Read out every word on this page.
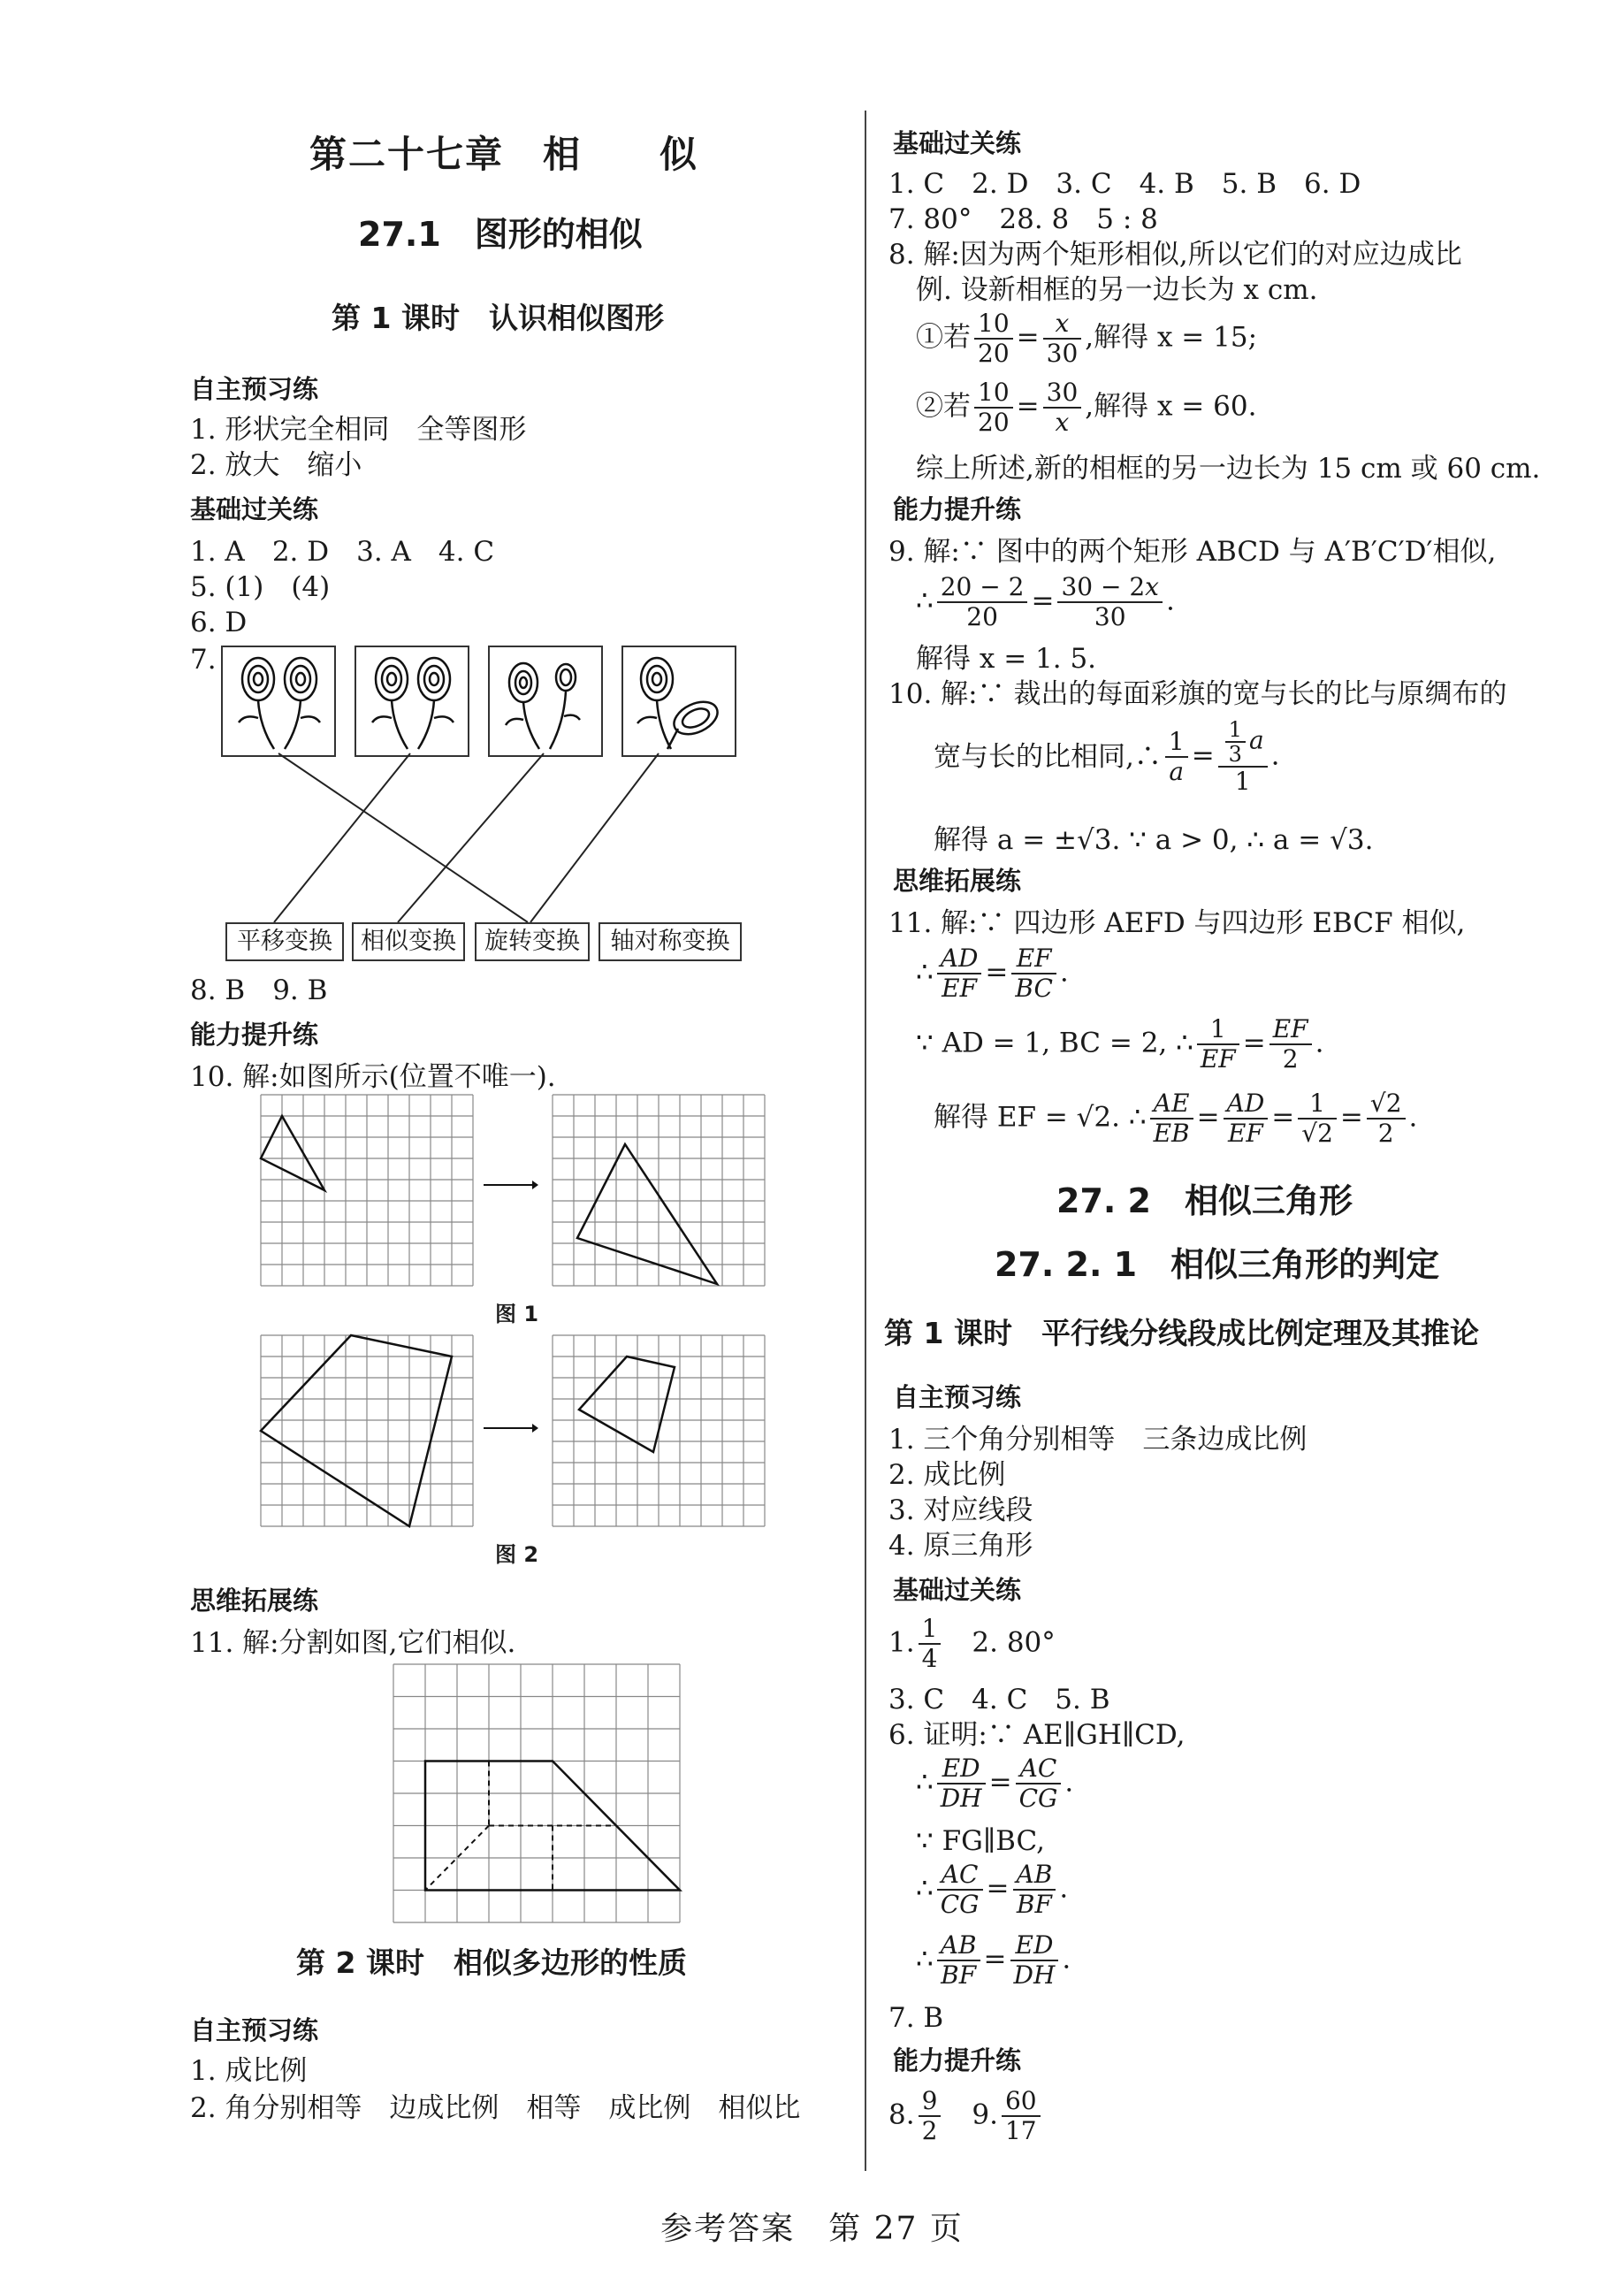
第二十七章　相　　似
27.1　图形的相似
第 1 课时　认识相似图形
自主预习练
1. 形状完全相同　全等图形
2. 放大　缩小
基础过关练
1. A　2. D　3. A　4. C
5. (1)　(4)
6. D
7.
平移变换	相似变换	旋转变换	轴对称变换
8. B　9. B
能力提升练
10. 解:如图所示(位置不唯一).
图 1
图 2
思维拓展练
11. 解:分割如图,它们相似.
第 2 课时　相似多边形的性质
自主预习练
1. 成比例
2. 角分别相等　边成比例　相等　成比例　相似比
基础过关练
1. C　2. D　3. C　4. B　5. B　6. D
7. 80°　28. 8　5 : 8
8. 解:因为两个矩形相似,所以它们的对应边成比
例. 设新相框的另一边长为 x cm.
①若 $\frac{10}{20} = \frac{x}{30}$ ,解得 x = 15;
②若 $\frac{10}{20} = \frac{30}{x}$ ,解得 x = 60.
综上所述,新的相框的另一边长为 15 cm 或 60 cm.
能力提升练
9. 解:∵ 图中的两个矩形 ABCD 与 A′B′C′D′相似,
∴ $\frac{20 - 2}{20} = \frac{30 - 2x}{30}$ .
解得 x = 1. 5.
10. 解:∵ 裁出的每面彩旗的宽与长的比与原绸布的
宽与长的比相同,∴ $\frac{1}{a} = \frac{\frac{1}{3} a}{1}$ .
解得 a = ±√3. ∵ a > 0, ∴ a = √3.
思维拓展练
11. 解:∵ 四边形 AEFD 与四边形 EBCF 相似,
∴ $\frac{AD}{EF} = \frac{EF}{BC}$ .
∵ AD = 1, BC = 2, ∴ $\frac{1}{EF} = \frac{EF}{2}$ .
解得 EF = √2. ∴ $\frac{AE}{EB} = \frac{AD}{EF} = \frac{1}{√2} = \frac{√2}{2}$ .
27. 2　相似三角形
27. 2. 1　相似三角形的判定
第 1 课时　平行线分线段成比例定理及其推论
自主预习练
1. 三个角分别相等　三条边成比例
2. 成比例
3. 对应线段
4. 原三角形
基础过关练
1. $\frac{1}{4}$
　 2. 80°
3. C　4. C　5. B
6. 证明:∵ AE∥GH∥CD,
∴ $\frac{ED}{DH} = \frac{AC}{CG}$ .
∵ FG∥BC,
∴ $\frac{AC}{CG} = \frac{AB}{BF}$ .
∴ $\frac{AB}{BF} = \frac{ED}{DH}$ .
7. B
能力提升练
8. $\frac{9}{2}$
　 9. $\frac{60}{17}$
参考答案　第 27 页
